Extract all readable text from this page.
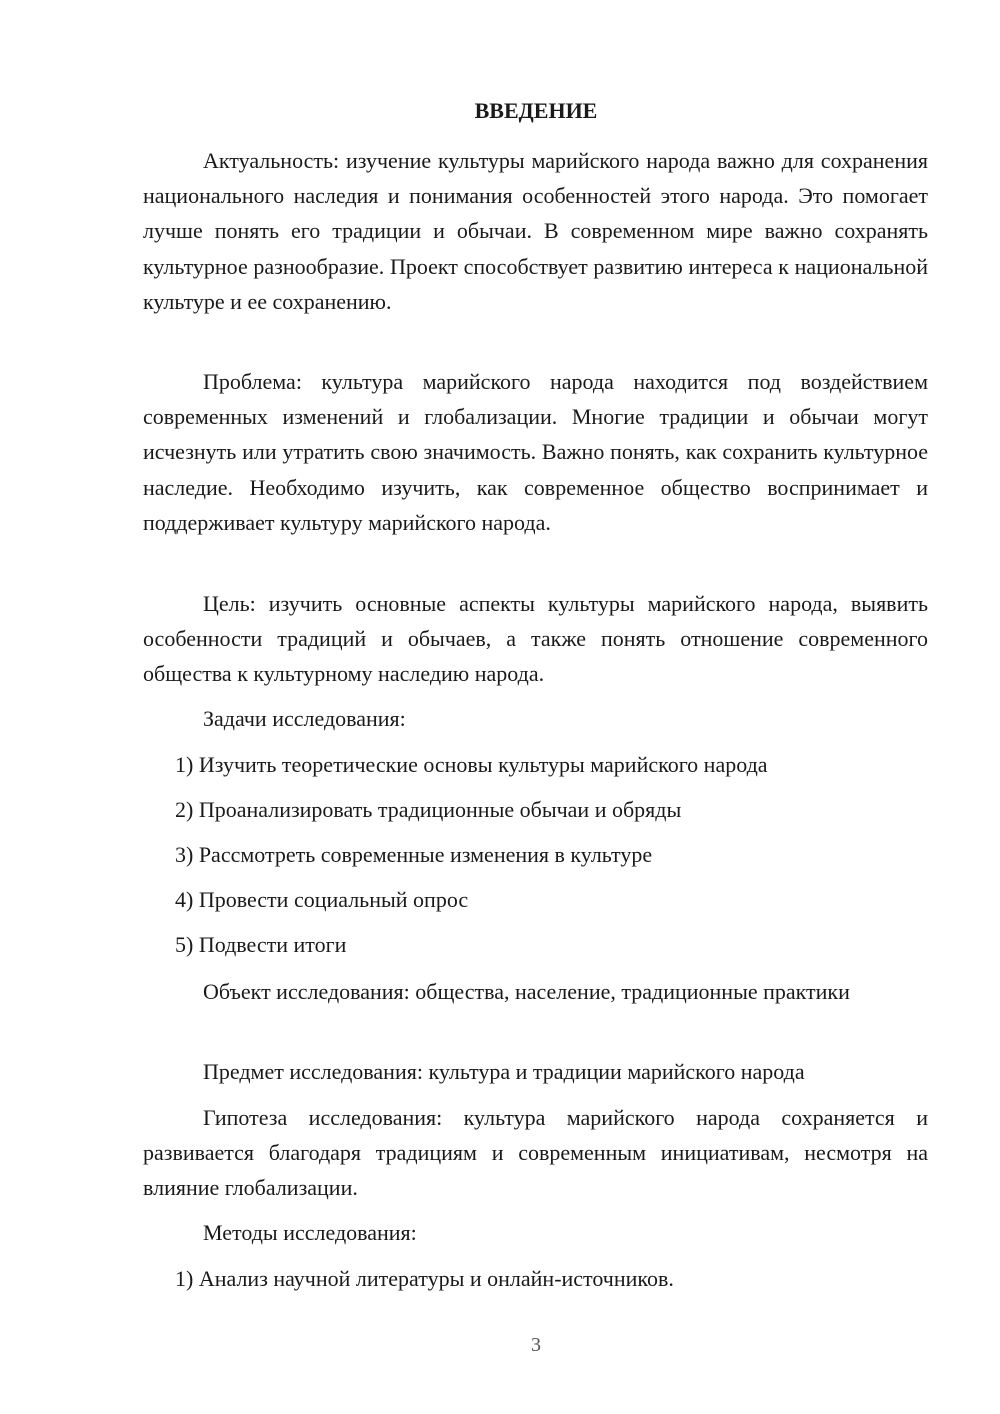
ВВЕДЕНИЕ

Актуальность: изучение культуры марийского народа важно для сохранения национального наследия и понимания особенностей этого народа. Это помогает лучше понять его традиции и обычаи. В современном мире важно сохранять культурное разнообразие. Проект способствует развитию интереса к национальной культуре и ее сохранению.

Проблема: культура марийского народа находится под воздействием современных изменений и глобализации. Многие традиции и обычаи могут исчезнуть или утратить свою значимость. Важно понять, как сохранить культурное наследие. Необходимо изучить, как современное общество воспринимает и поддерживает культуру марийского народа.

Цель: изучить основные аспекты культуры марийского народа, выявить особенности традиций и обычаев, а также понять отношение современного общества к культурному наследию народа.

Задачи исследования:

1) Изучить теоретические основы культуры марийского народа

2) Проанализировать традиционные обычаи и обряды

3) Рассмотреть современные изменения в культуре

4) Провести социальный опрос

5) Подвести итоги

Объект исследования: общества, население, традиционные практики

Предмет исследования: культура и традиции марийского народа

Гипотеза исследования: культура марийского народа сохраняется и развивается благодаря традициям и современным инициативам, несмотря на влияние глобализации.

Методы исследования:

1) Анализ научной литературы и онлайн-источников.

3
